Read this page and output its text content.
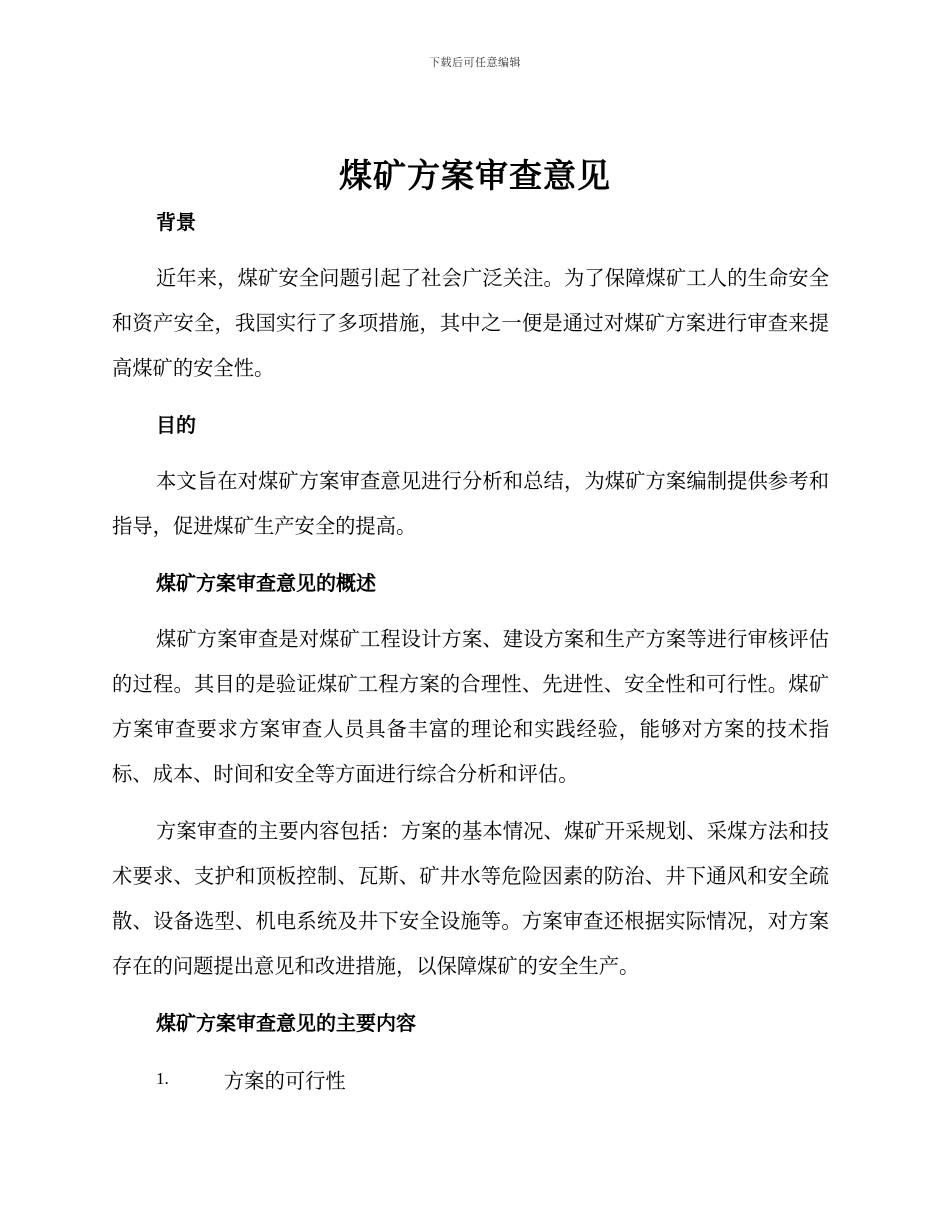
下载后可任意编辑
煤矿方案审查意见

背景

近年来，煤矿安全问题引起了社会广泛关注。为了保障煤矿工人的生命安全和资产安全，我国实行了多项措施，其中之一便是通过对煤矿方案进行审查来提高煤矿的安全性。

目的

本文旨在对煤矿方案审查意见进行分析和总结，为煤矿方案编制提供参考和指导，促进煤矿生产安全的提高。

煤矿方案审查意见的概述

煤矿方案审查是对煤矿工程设计方案、建设方案和生产方案等进行审核评估的过程。其目的是验证煤矿工程方案的合理性、先进性、安全性和可行性。煤矿方案审查要求方案审查人员具备丰富的理论和实践经验，能够对方案的技术指标、成本、时间和安全等方面进行综合分析和评估。

方案审查的主要内容包括：方案的基本情况、煤矿开采规划、采煤方法和技术要求、支护和顶板控制、瓦斯、矿井水等危险因素的防治、井下通风和安全疏散、设备选型、机电系统及井下安全设施等。方案审查还根据实际情况，对方案存在的问题提出意见和改进措施，以保障煤矿的安全生产。

煤矿方案审查意见的主要内容

1.	方案的可行性
